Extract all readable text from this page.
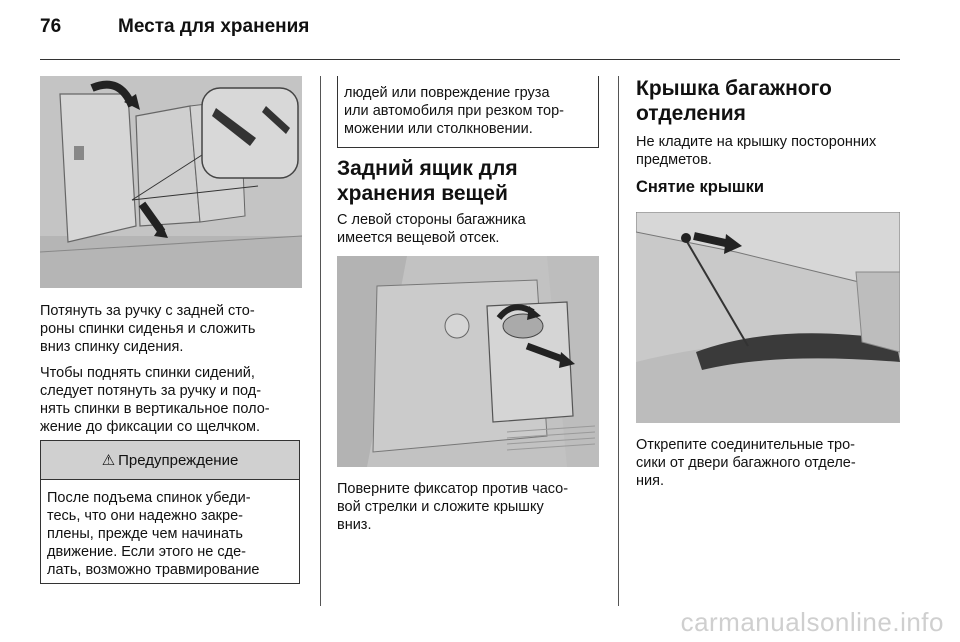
76	Места для хранения

Потянуть за ручку с задней сто-
роны спинки сиденья и сложить
вниз спинку сидения.

Чтобы поднять спинки сидений,
следует потянуть за ручку и под-
нять спинки в вертикальное поло-
жение до фиксации со щелчком.

⚠ Предупреждение
После подъема спинок убеди-
тесь, что они надежно закре-
плены, прежде чем начинать
движение. Если этого не сде-
лать, возможно травмирование
людей или повреждение груза
или автомобиля при резком тор-
можении или столкновении.
Задний ящик для
хранения вещей

С левой стороны багажника
имеется вещевой отсек.

Поверните фиксатор против часо-
вой стрелки и сложите крышку
вниз.

Крышка багажного
отделения

Не кладите на крышку посторонних
предметов.

Снятие крышки

Открепите соединительные тро-
сики от двери багажного отделе-
ния.

carmanualsonline.info
